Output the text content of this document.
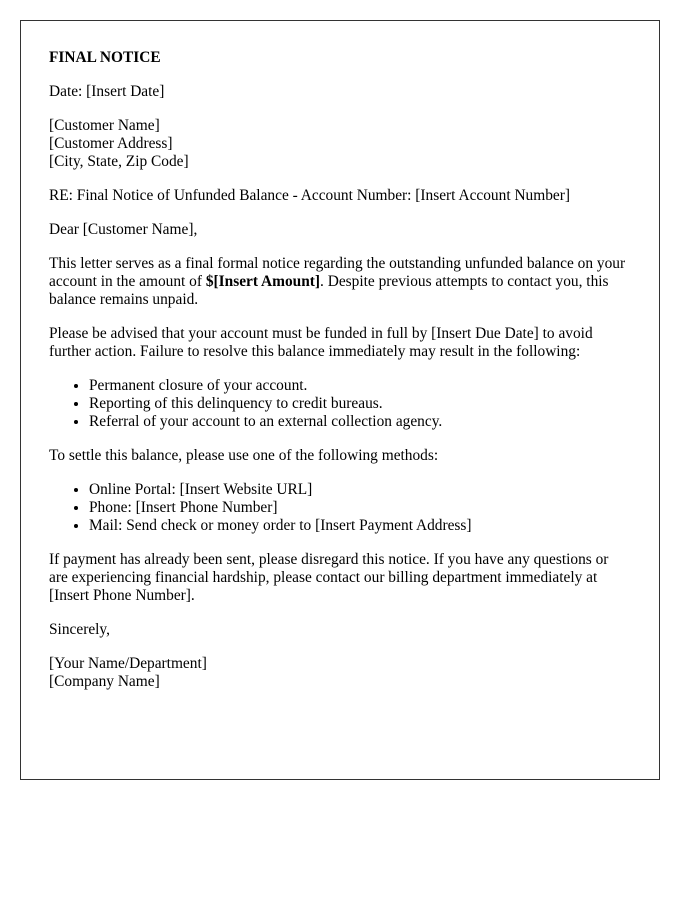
FINAL NOTICE

Date: [Insert Date]

[Customer Name]
[Customer Address]
[City, State, Zip Code]

RE: Final Notice of Unfunded Balance - Account Number: [Insert Account Number]

Dear [Customer Name],

This letter serves as a final formal notice regarding the outstanding unfunded balance on your account in the amount of $[Insert Amount]. Despite previous attempts to contact you, this balance remains unpaid.

Please be advised that your account must be funded in full by [Insert Due Date] to avoid further action. Failure to resolve this balance immediately may result in the following:

• Permanent closure of your account.
• Reporting of this delinquency to credit bureaus.
• Referral of your account to an external collection agency.

To settle this balance, please use one of the following methods:

• Online Portal: [Insert Website URL]
• Phone: [Insert Phone Number]
• Mail: Send check or money order to [Insert Payment Address]

If payment has already been sent, please disregard this notice. If you have any questions or are experiencing financial hardship, please contact our billing department immediately at [Insert Phone Number].

Sincerely,

[Your Name/Department]
[Company Name]
